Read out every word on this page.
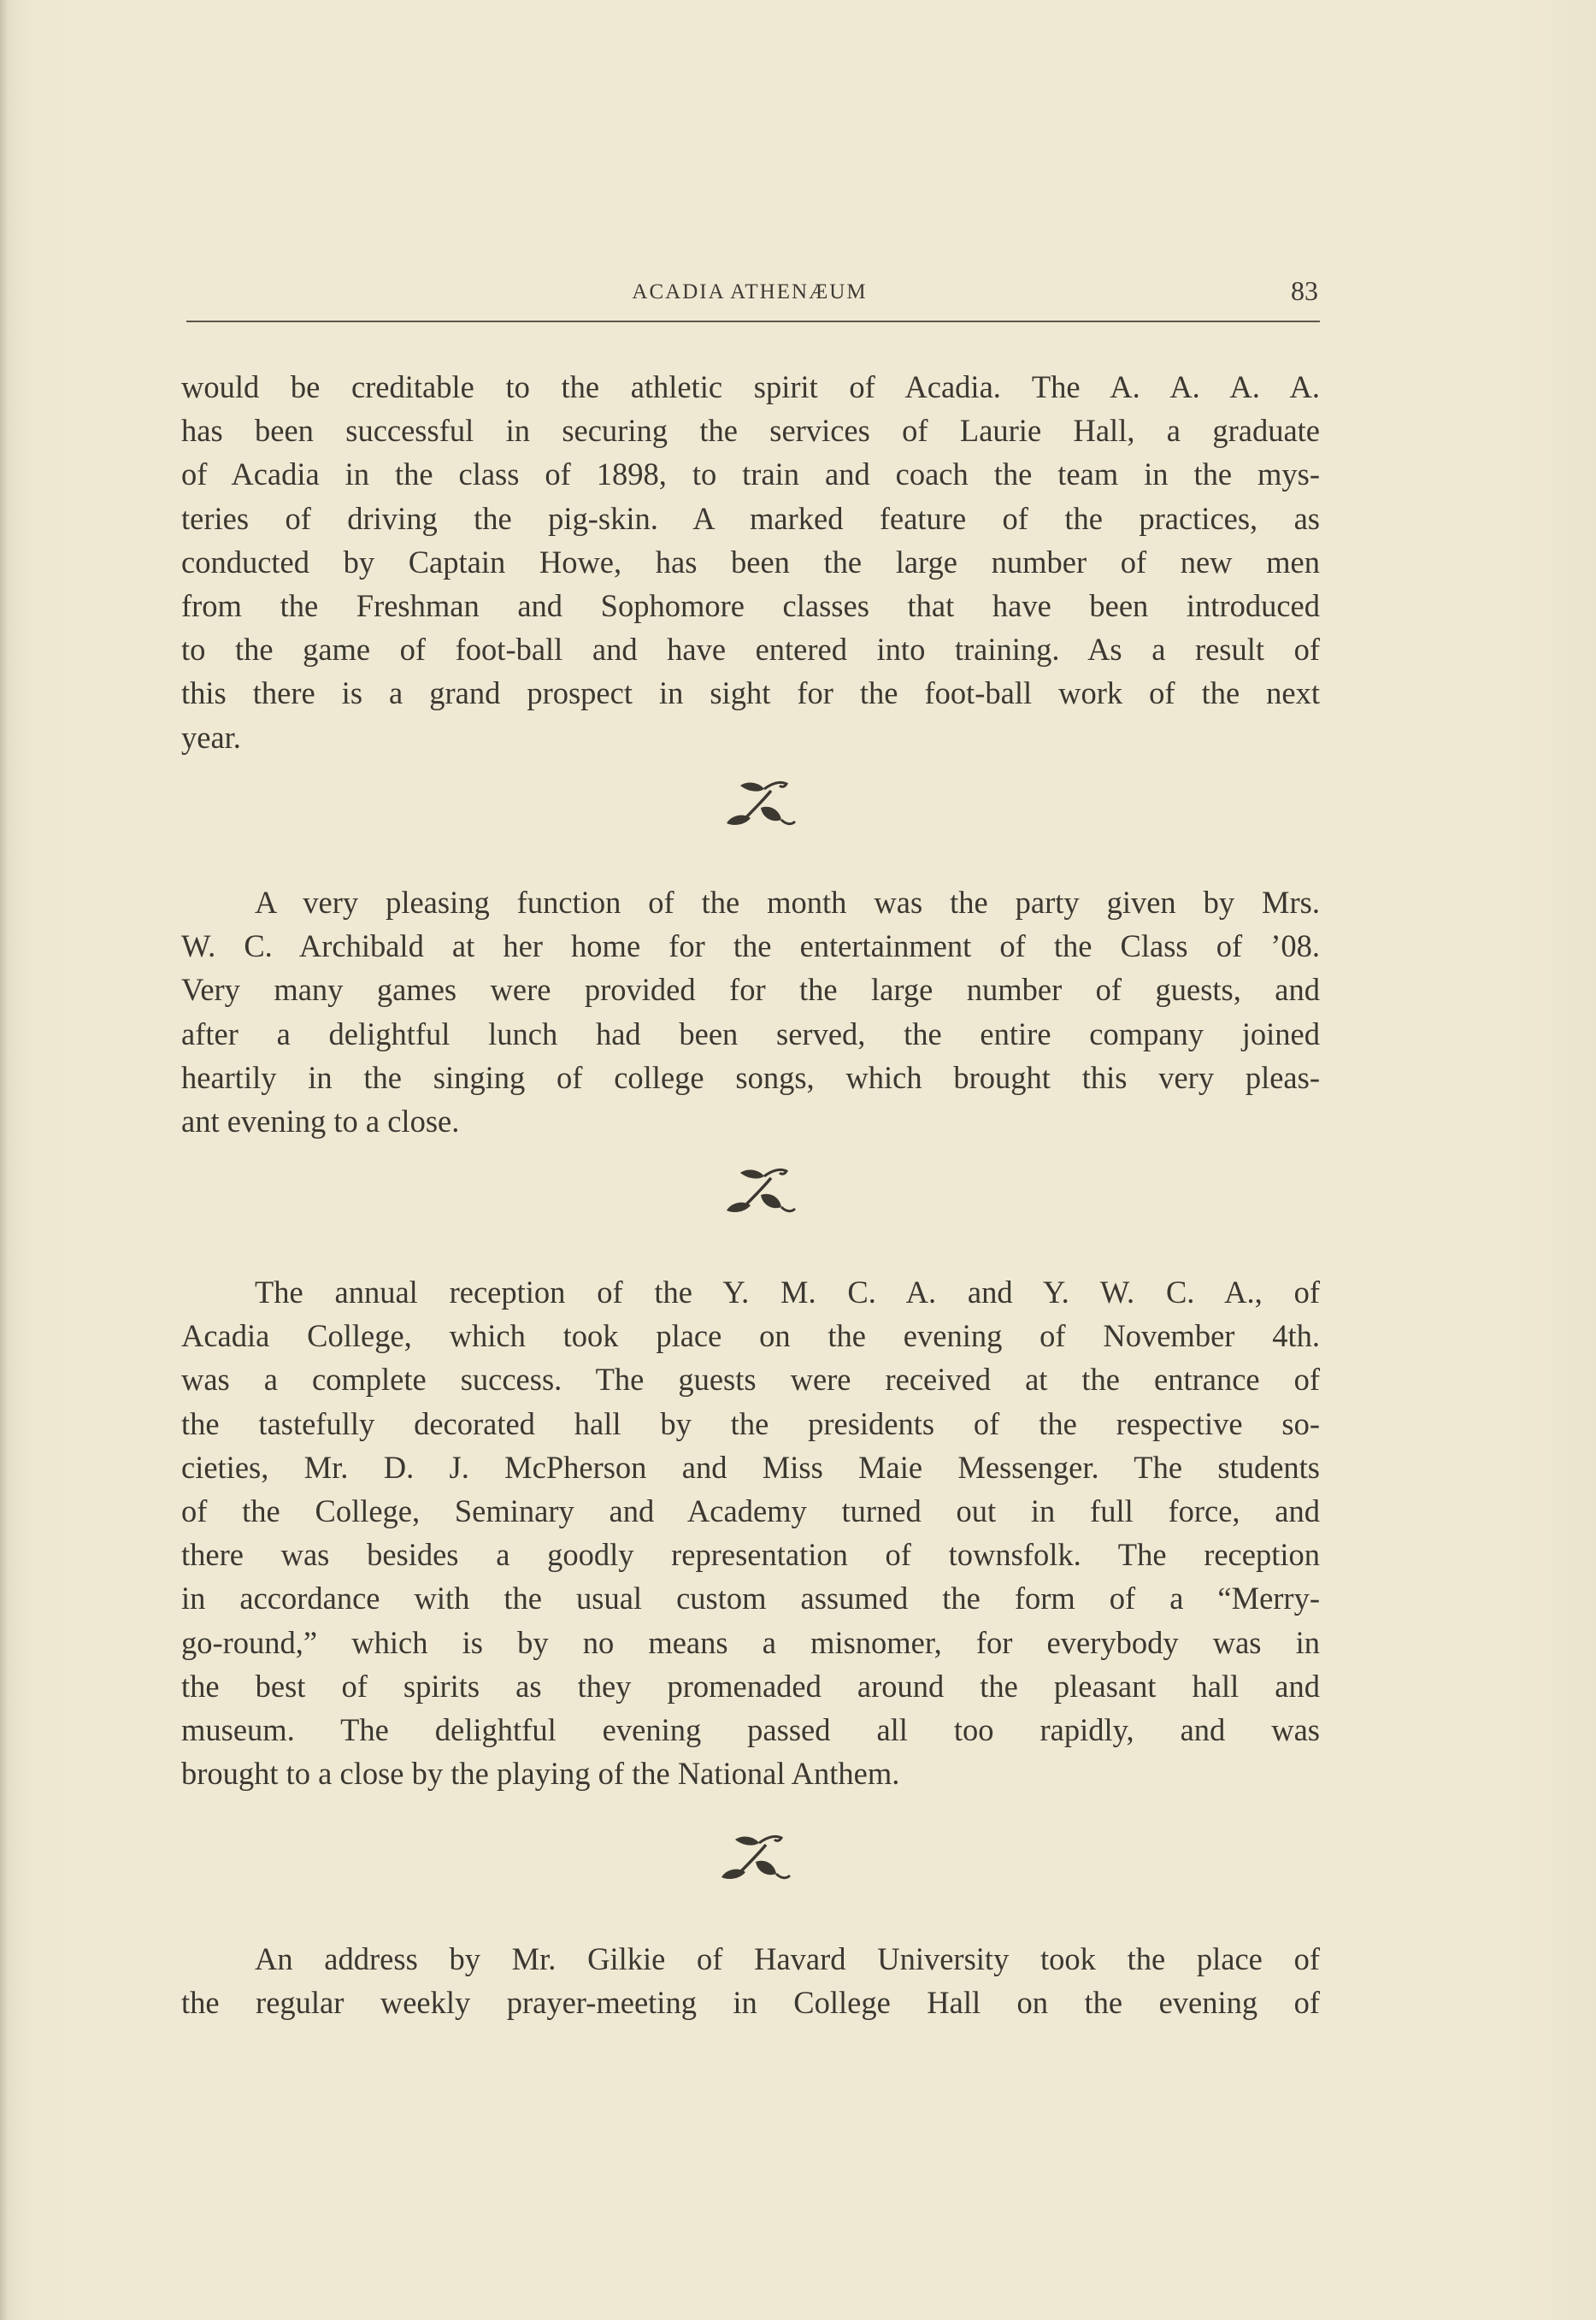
ACADIA ATHENÆUM	83
would be creditable to the athletic spirit of Acadia. The A. A. A. A.
has been successful in securing the services of Laurie Hall, a graduate
of Acadia in the class of 1898, to train and coach the team in the mys-
teries of driving the pig-skin. A marked feature of the practices, as
conducted by Captain Howe, has been the large number of new men
from the Freshman and Sophomore classes that have been introduced
to the game of foot-ball and have entered into training. As a result of
this there is a grand prospect in sight for the foot-ball work of the next
year.
A very pleasing function of the month was the party given by Mrs.
W. C. Archibald at her home for the entertainment of the Class of ’08.
Very many games were provided for the large number of guests, and
after a delightful lunch had been served, the entire company joined
heartily in the singing of college songs, which brought this very pleas-
ant evening to a close.
The annual reception of the Y. M. C. A. and Y. W. C. A., of
Acadia College, which took place on the evening of November 4th.
was a complete success. The guests were received at the entrance of
the tastefully decorated hall by the presidents of the respective so-
cieties, Mr. D. J. McPherson and Miss Maie Messenger. The students
of the College, Seminary and Academy turned out in full force, and
there was besides a goodly representation of townsfolk. The reception
in accordance with the usual custom assumed the form of a “Merry-
go-round,” which is by no means a misnomer, for everybody was in
the best of spirits as they promenaded around the pleasant hall and
museum. The delightful evening passed all too rapidly, and was
brought to a close by the playing of the National Anthem.
An address by Mr. Gilkie of Havard University took the place of
the regular weekly prayer-meeting in College Hall on the evening of
